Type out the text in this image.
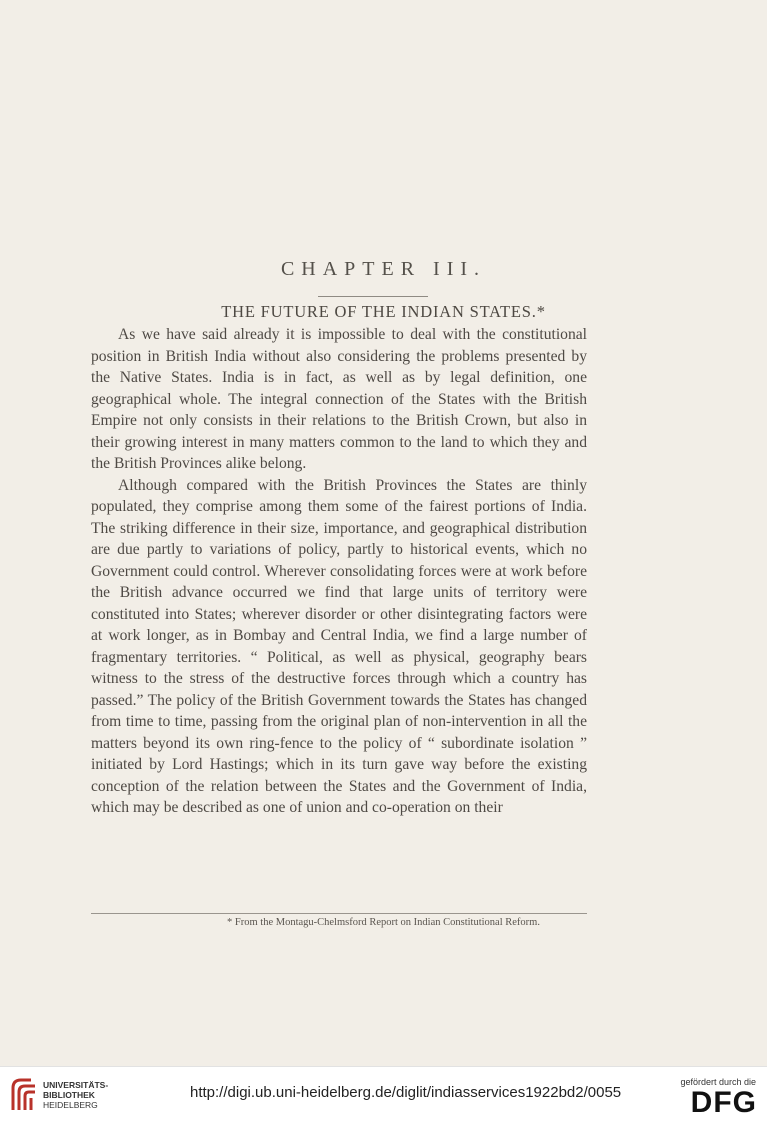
CHAPTER III.
THE FUTURE OF THE INDIAN STATES.*

As we have said already it is impossible to deal with the constitutional position in British India without also considering the problems presented by the Native States. India is in fact, as well as by legal definition, one geographical whole. The integral connection of the States with the British Empire not only consists in their relations to the British Crown, but also in their growing interest in many matters common to the land to which they and the British Provinces alike belong.

Although compared with the British Provinces the States are thinly populated, they comprise among them some of the fairest portions of India. The striking difference in their size, importance, and geographical distribution are due partly to variations of policy, partly to historical events, which no Government could control. Wherever consolidating forces were at work before the British advance occurred we find that large units of territory were constituted into States; wherever disorder or other disintegrating factors were at work longer, as in Bombay and Central India, we find a large number of fragmentary territories. “ Political, as well as physical, geography bears witness to the stress of the destructive forces through which a country has passed.” The policy of the British Government towards the States has changed from time to time, passing from the original plan of non-intervention in all the matters beyond its own ring-fence to the policy of “ subordinate isolation ” initiated by Lord Hastings; which in its turn gave way before the existing conception of the relation between the States and the Government of India, which may be described as one of union and co-operation on their

* From the Montagu-Chelmsford Report on Indian Constitutional Reform.
UNIVERSITÄTS-
BIBLIOTHEK
HEIDELBERG
http://digi.ub.uni-heidelberg.de/diglit/indiasservices1922bd2/0055
gefördert durch die
DFG
